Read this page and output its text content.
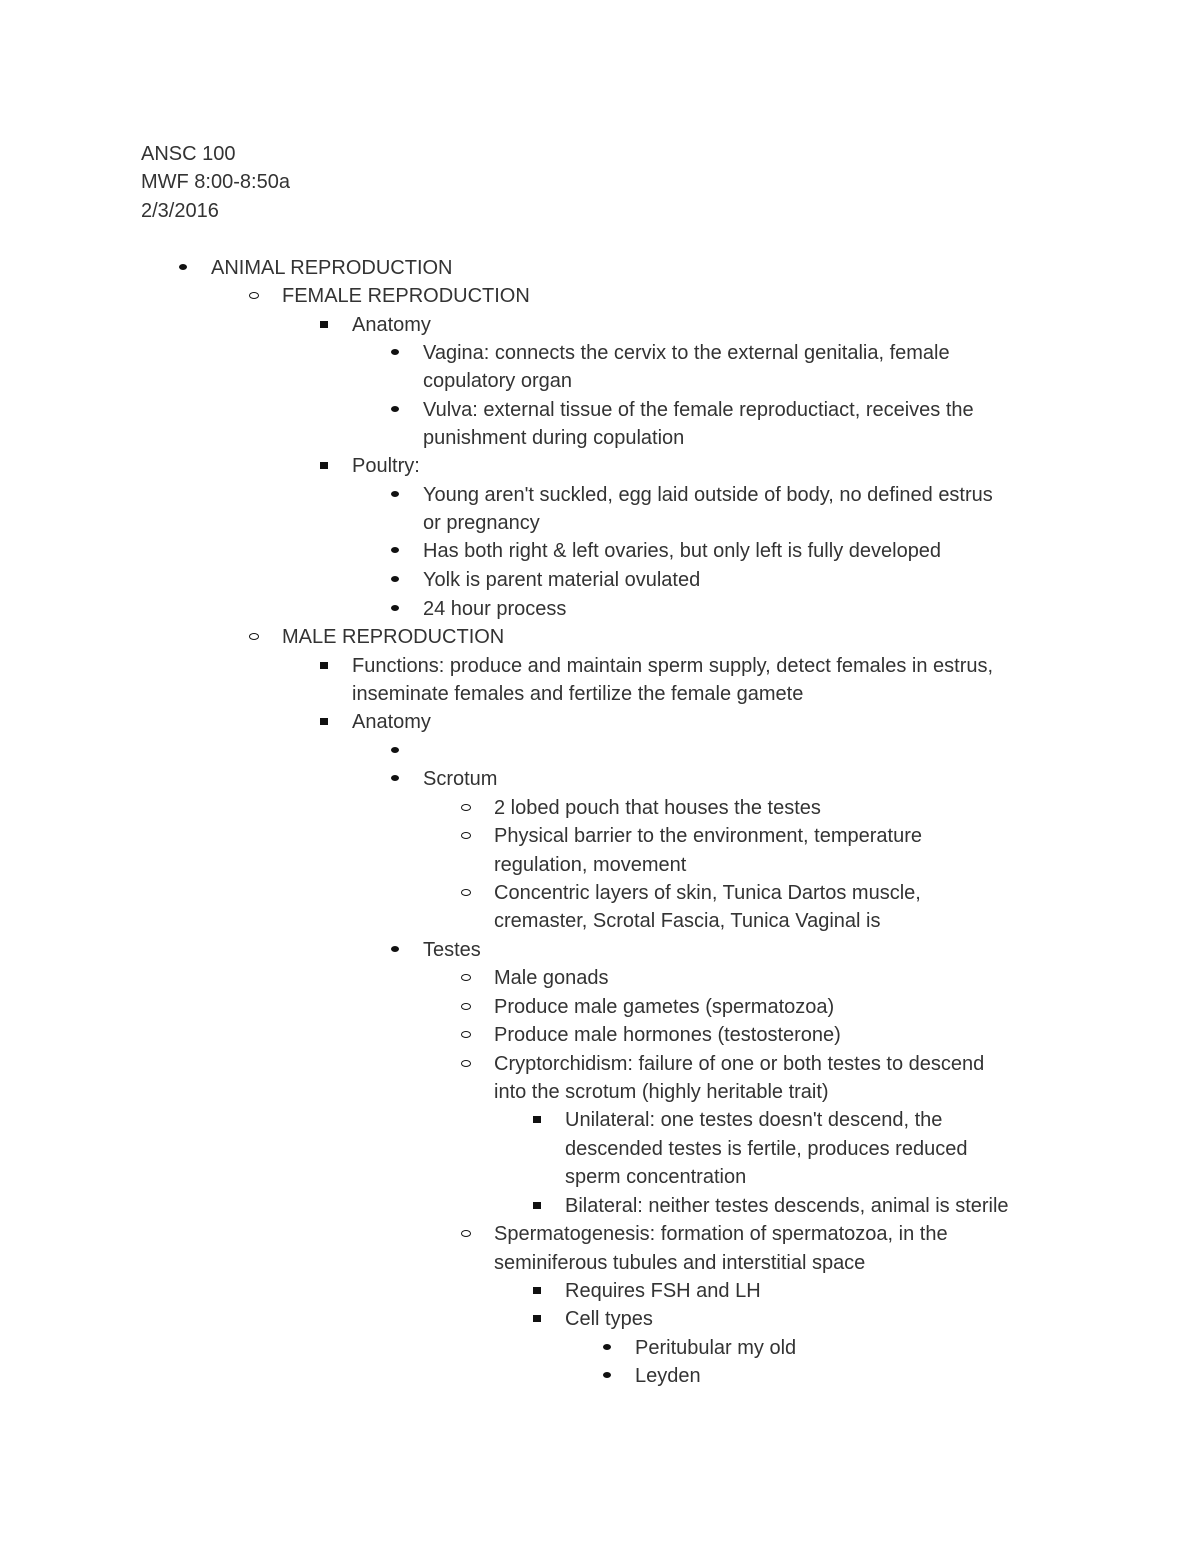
ANSC 100
MWF 8:00-8:50a
2/3/2016
ANIMAL REPRODUCTION
FEMALE REPRODUCTION
Anatomy
Vagina: connects the cervix to the external genitalia, female
copulatory organ
Vulva: external tissue of the female reproductiact, receives the
punishment during copulation
Poultry:
Young aren't suckled, egg laid outside of body, no defined estrus
or pregnancy
Has both right & left ovaries, but only left is fully developed
Yolk is parent material ovulated
24 hour process
MALE REPRODUCTION
Functions: produce and maintain sperm supply, detect females in estrus,
inseminate females and fertilize the female gamete
Anatomy
Scrotum
2 lobed pouch that houses the testes
Physical barrier to the environment, temperature
regulation, movement
Concentric layers of skin, Tunica Dartos muscle,
cremaster, Scrotal Fascia, Tunica Vaginal is
Testes
Male gonads
Produce male gametes (spermatozoa)
Produce male hormones (testosterone)
Cryptorchidism: failure of one or both testes to descend
into the scrotum (highly heritable trait)
Unilateral: one testes doesn't descend, the
descended testes is fertile, produces reduced
sperm concentration
Bilateral: neither testes descends, animal is sterile
Spermatogenesis: formation of spermatozoa, in the
seminiferous tubules and interstitial space
Requires FSH and LH
Cell types
Peritubular my old
Leyden
